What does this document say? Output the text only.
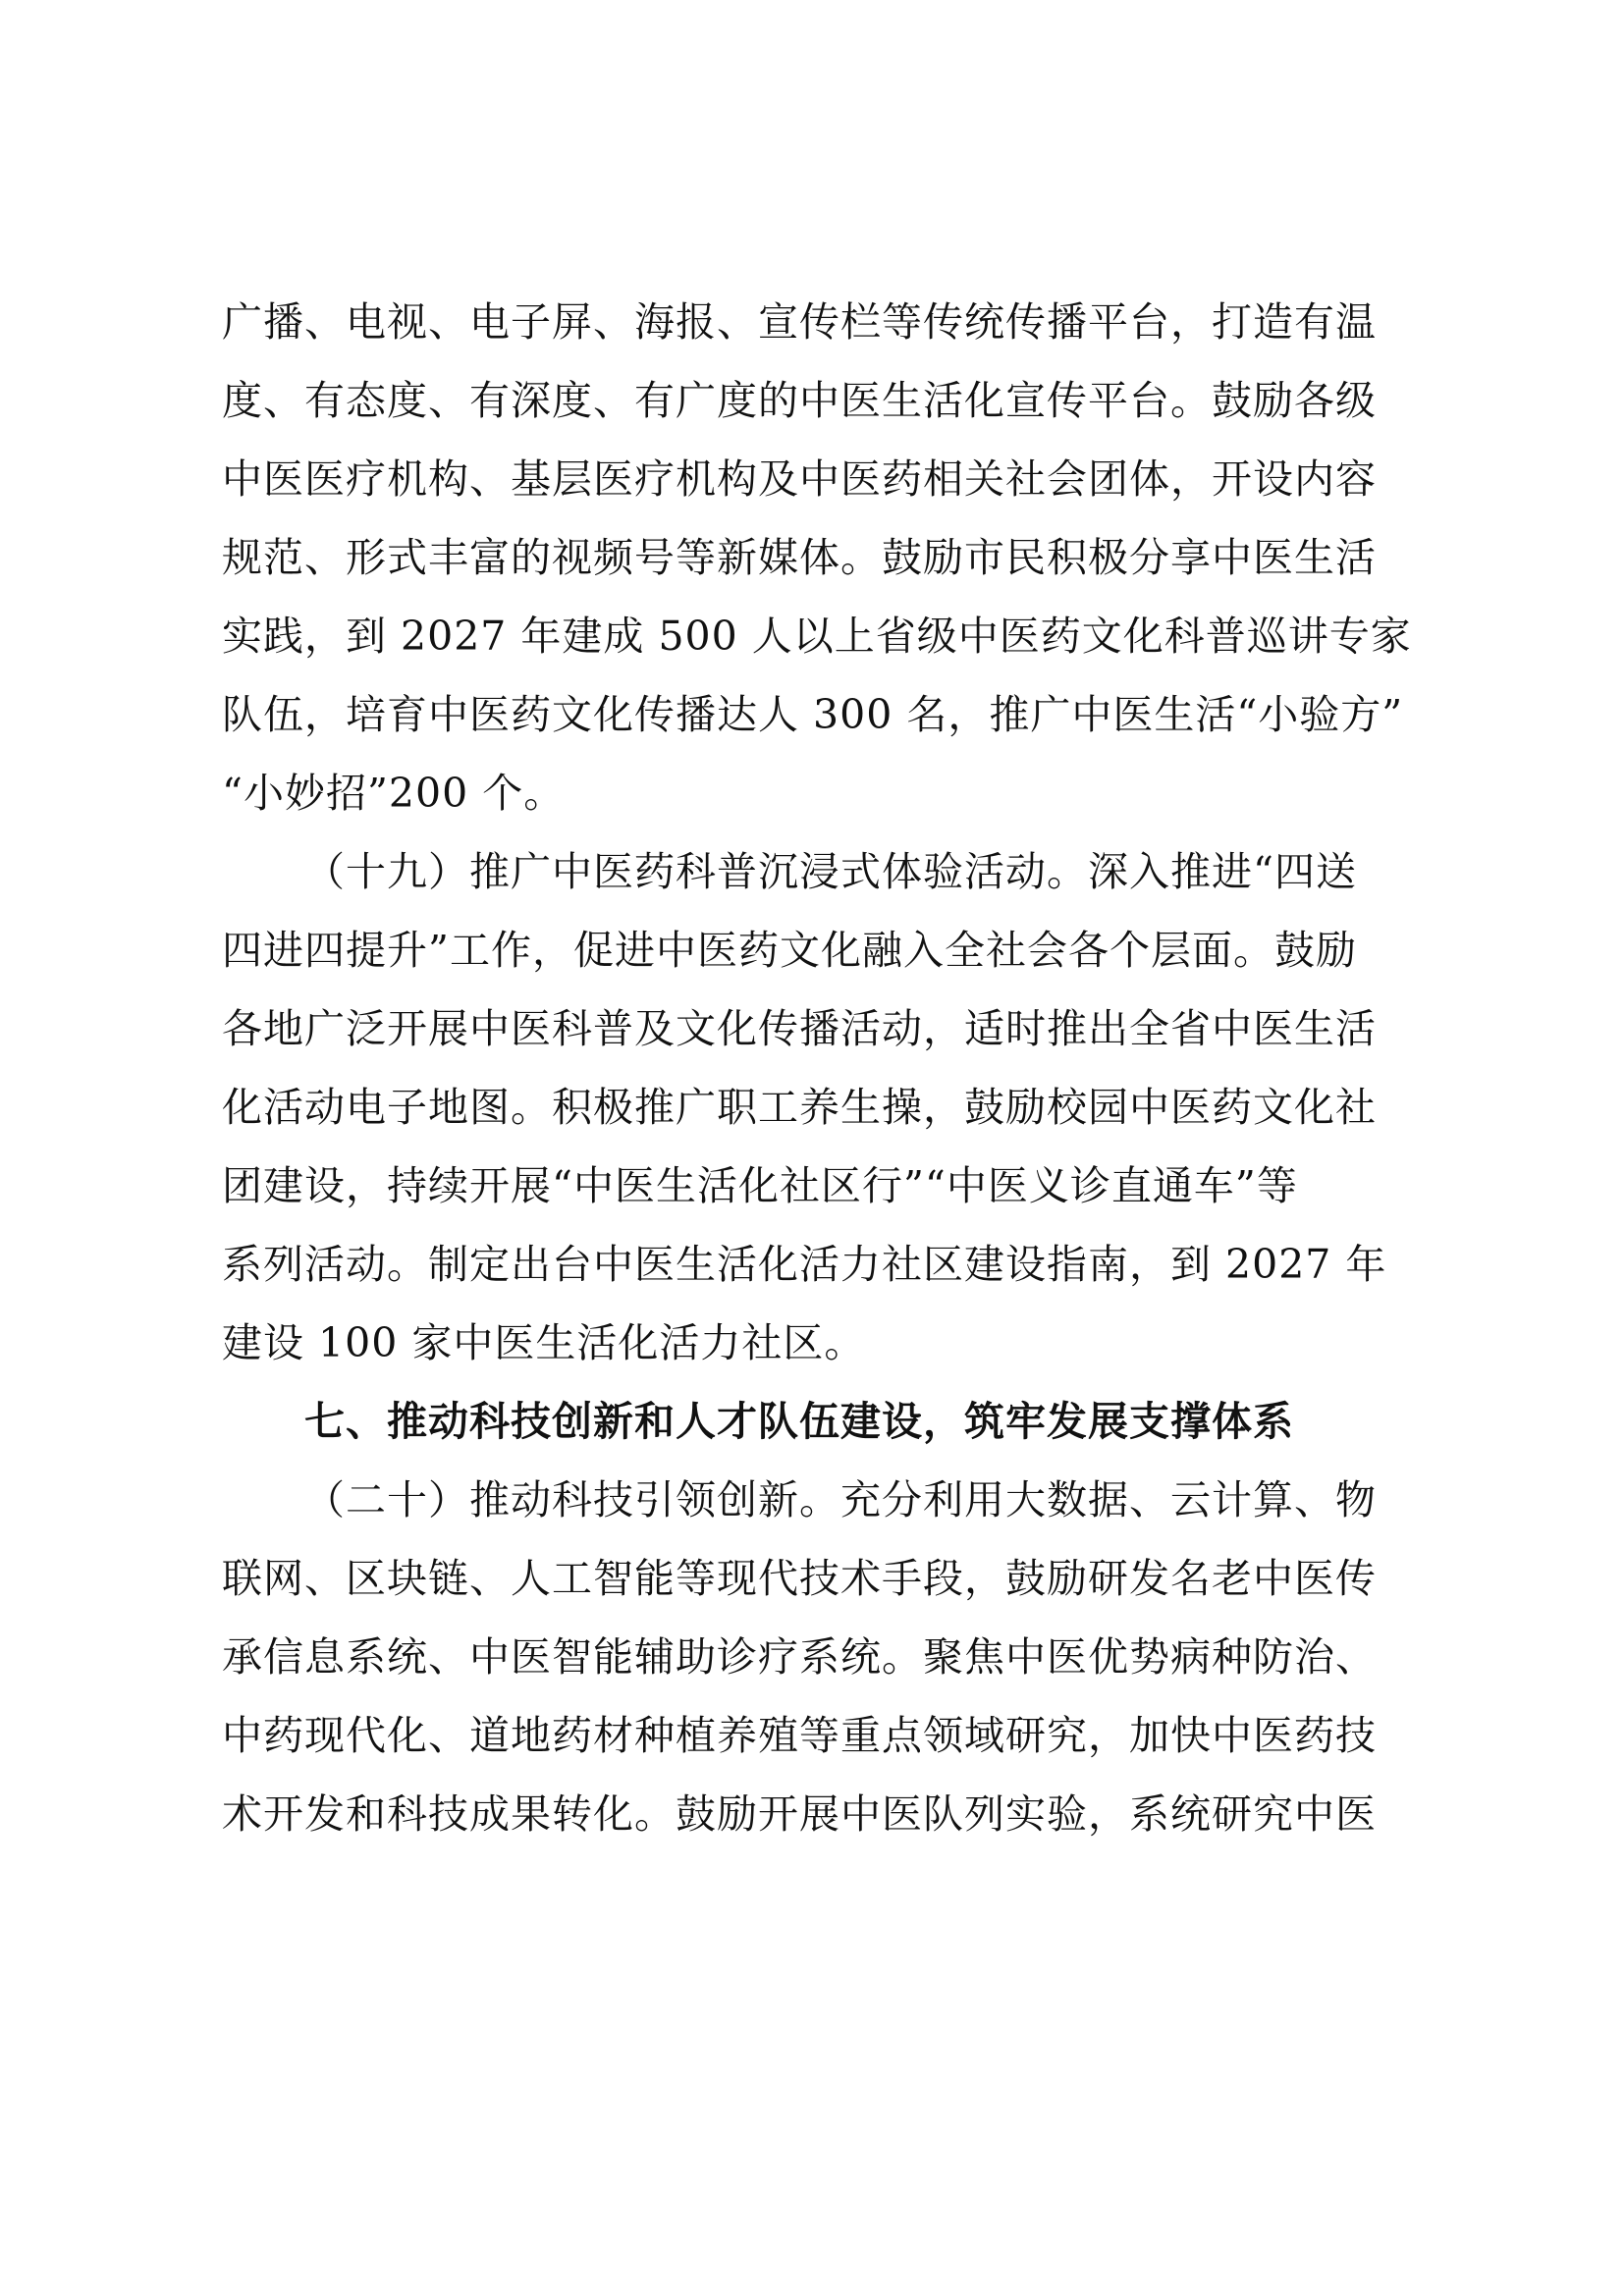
广播、电视、电子屏、海报、宣传栏等传统传播平台，打造有温
度、有态度、有深度、有广度的中医生活化宣传平台。鼓励各级
中医医疗机构、基层医疗机构及中医药相关社会团体，开设内容
规范、形式丰富的视频号等新媒体。鼓励市民积极分享中医生活
实践，到 2027 年建成 500 人以上省级中医药文化科普巡讲专家
队伍，培育中医药文化传播达人 300 名，推广中医生活“小验方”
“小妙招”200 个。
（十九）推广中医药科普沉浸式体验活动。深入推进“四送
四进四提升”工作，促进中医药文化融入全社会各个层面。鼓励
各地广泛开展中医科普及文化传播活动，适时推出全省中医生活
化活动电子地图。积极推广职工养生操，鼓励校园中医药文化社
团建设，持续开展“中医生活化社区行”“中医义诊直通车”等
系列活动。制定出台中医生活化活力社区建设指南，到 2027 年
建设 100 家中医生活化活力社区。
七、推动科技创新和人才队伍建设，筑牢发展支撑体系
（二十）推动科技引领创新。充分利用大数据、云计算、物
联网、区块链、人工智能等现代技术手段，鼓励研发名老中医传
承信息系统、中医智能辅助诊疗系统。聚焦中医优势病种防治、
中药现代化、道地药材种植养殖等重点领域研究，加快中医药技
术开发和科技成果转化。鼓励开展中医队列实验，系统研究中医
